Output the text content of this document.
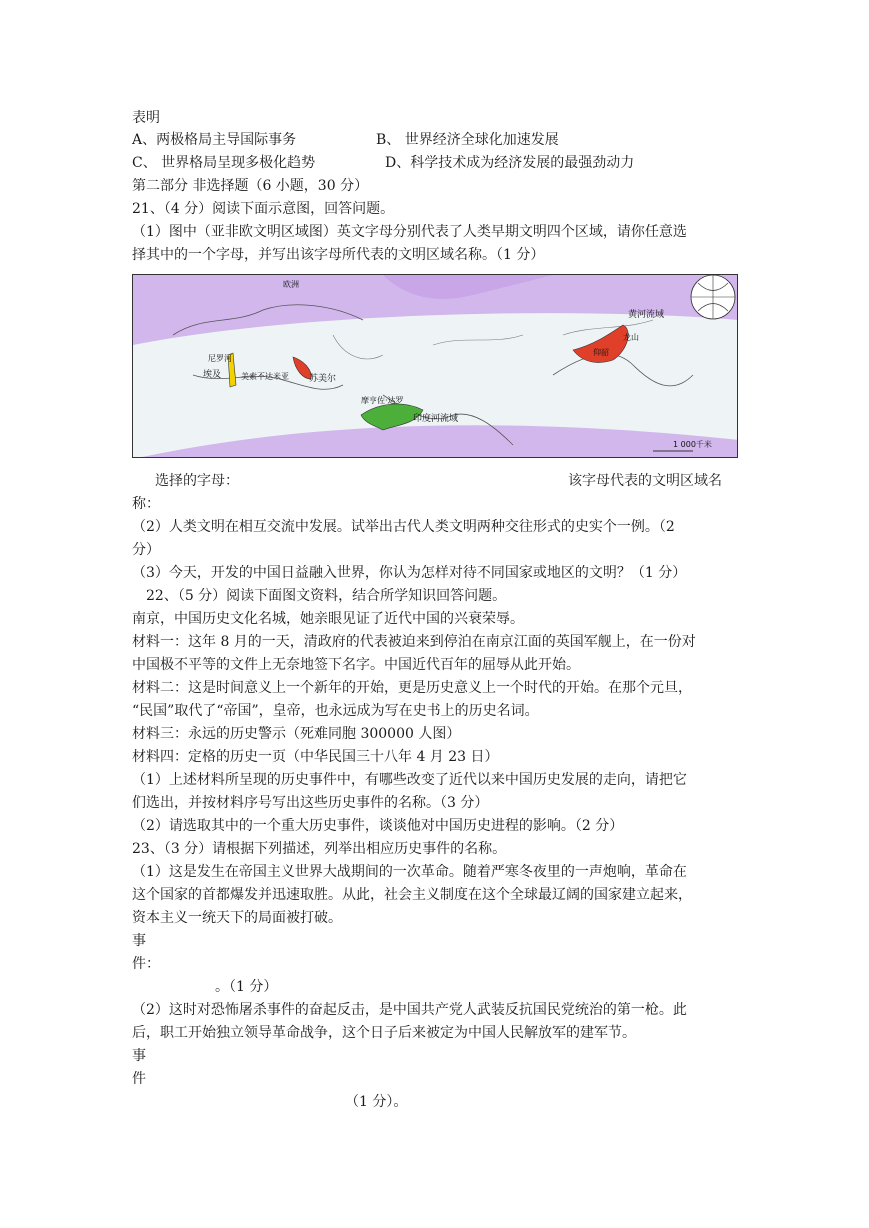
表明
A、两极格局主导国际事务	B、 世界经济全球化加速发展
C、 世界格局呈现多极化趋势	D、科学技术成为经济发展的最强劲动力
第二部分 非选择题（6 小题，30 分）
21、（4 分）阅读下面示意图，回答问题。
（1）图中（亚非欧文明区域图）英文字母分别代表了人类早期文明四个区域，请你任意选
择其中的一个字母，并写出该字母所代表的文明区域名称。（1 分）
欧洲
埃及
尼罗河
美索不达米亚 苏美尔
摩亨佐·达罗
印度河流域
黄河流域
龙山
仰韶
1 000千米
选择的字母：	该字母代表的文明区域名
称：
（2）人类文明在相互交流中发展。试举出古代人类文明两种交往形式的史实个一例。（2
分）
（3）今天，开发的中国日益融入世界，你认为怎样对待不同国家或地区的文明？（1 分）
22、（5 分）阅读下面图文资料，结合所学知识回答问题。
南京，中国历史文化名城，她亲眼见证了近代中国的兴衰荣辱。
材料一：这年 8 月的一天，清政府的代表被迫来到停泊在南京江面的英国军舰上，在一份对
中国极不平等的文件上无奈地签下名字。中国近代百年的屈辱从此开始。
材料二：这是时间意义上一个新年的开始，更是历史意义上一个时代的开始。在那个元旦，
“民国”取代了“帝国”，皇帝，也永远成为写在史书上的历史名词。
材料三：永远的历史警示（死难同胞 300000 人图）
材料四：定格的历史一页（中华民国三十八年 4 月 23 日）
（1）上述材料所呈现的历史事件中，有哪些改变了近代以来中国历史发展的走向，请把它
们选出，并按材料序号写出这些历史事件的名称。（3 分）
（2）请选取其中的一个重大历史事件，谈谈他对中国历史进程的影响。（2 分）
23、（3 分）请根据下列描述，列举出相应历史事件的名称。
（1）这是发生在帝国主义世界大战期间的一次革命。随着严寒冬夜里的一声炮响，革命在
这个国家的首都爆发并迅速取胜。从此，社会主义制度在这个全球最辽阔的国家建立起来，
资本主义一统天下的局面被打破。
事
件：
。（1 分）
（2）这时对恐怖屠杀事件的奋起反击，是中国共产党人武装反抗国民党统治的第一枪。此
后，职工开始独立领导革命战争，这个日子后来被定为中国人民解放军的建军节。
事
件
（1 分）。
